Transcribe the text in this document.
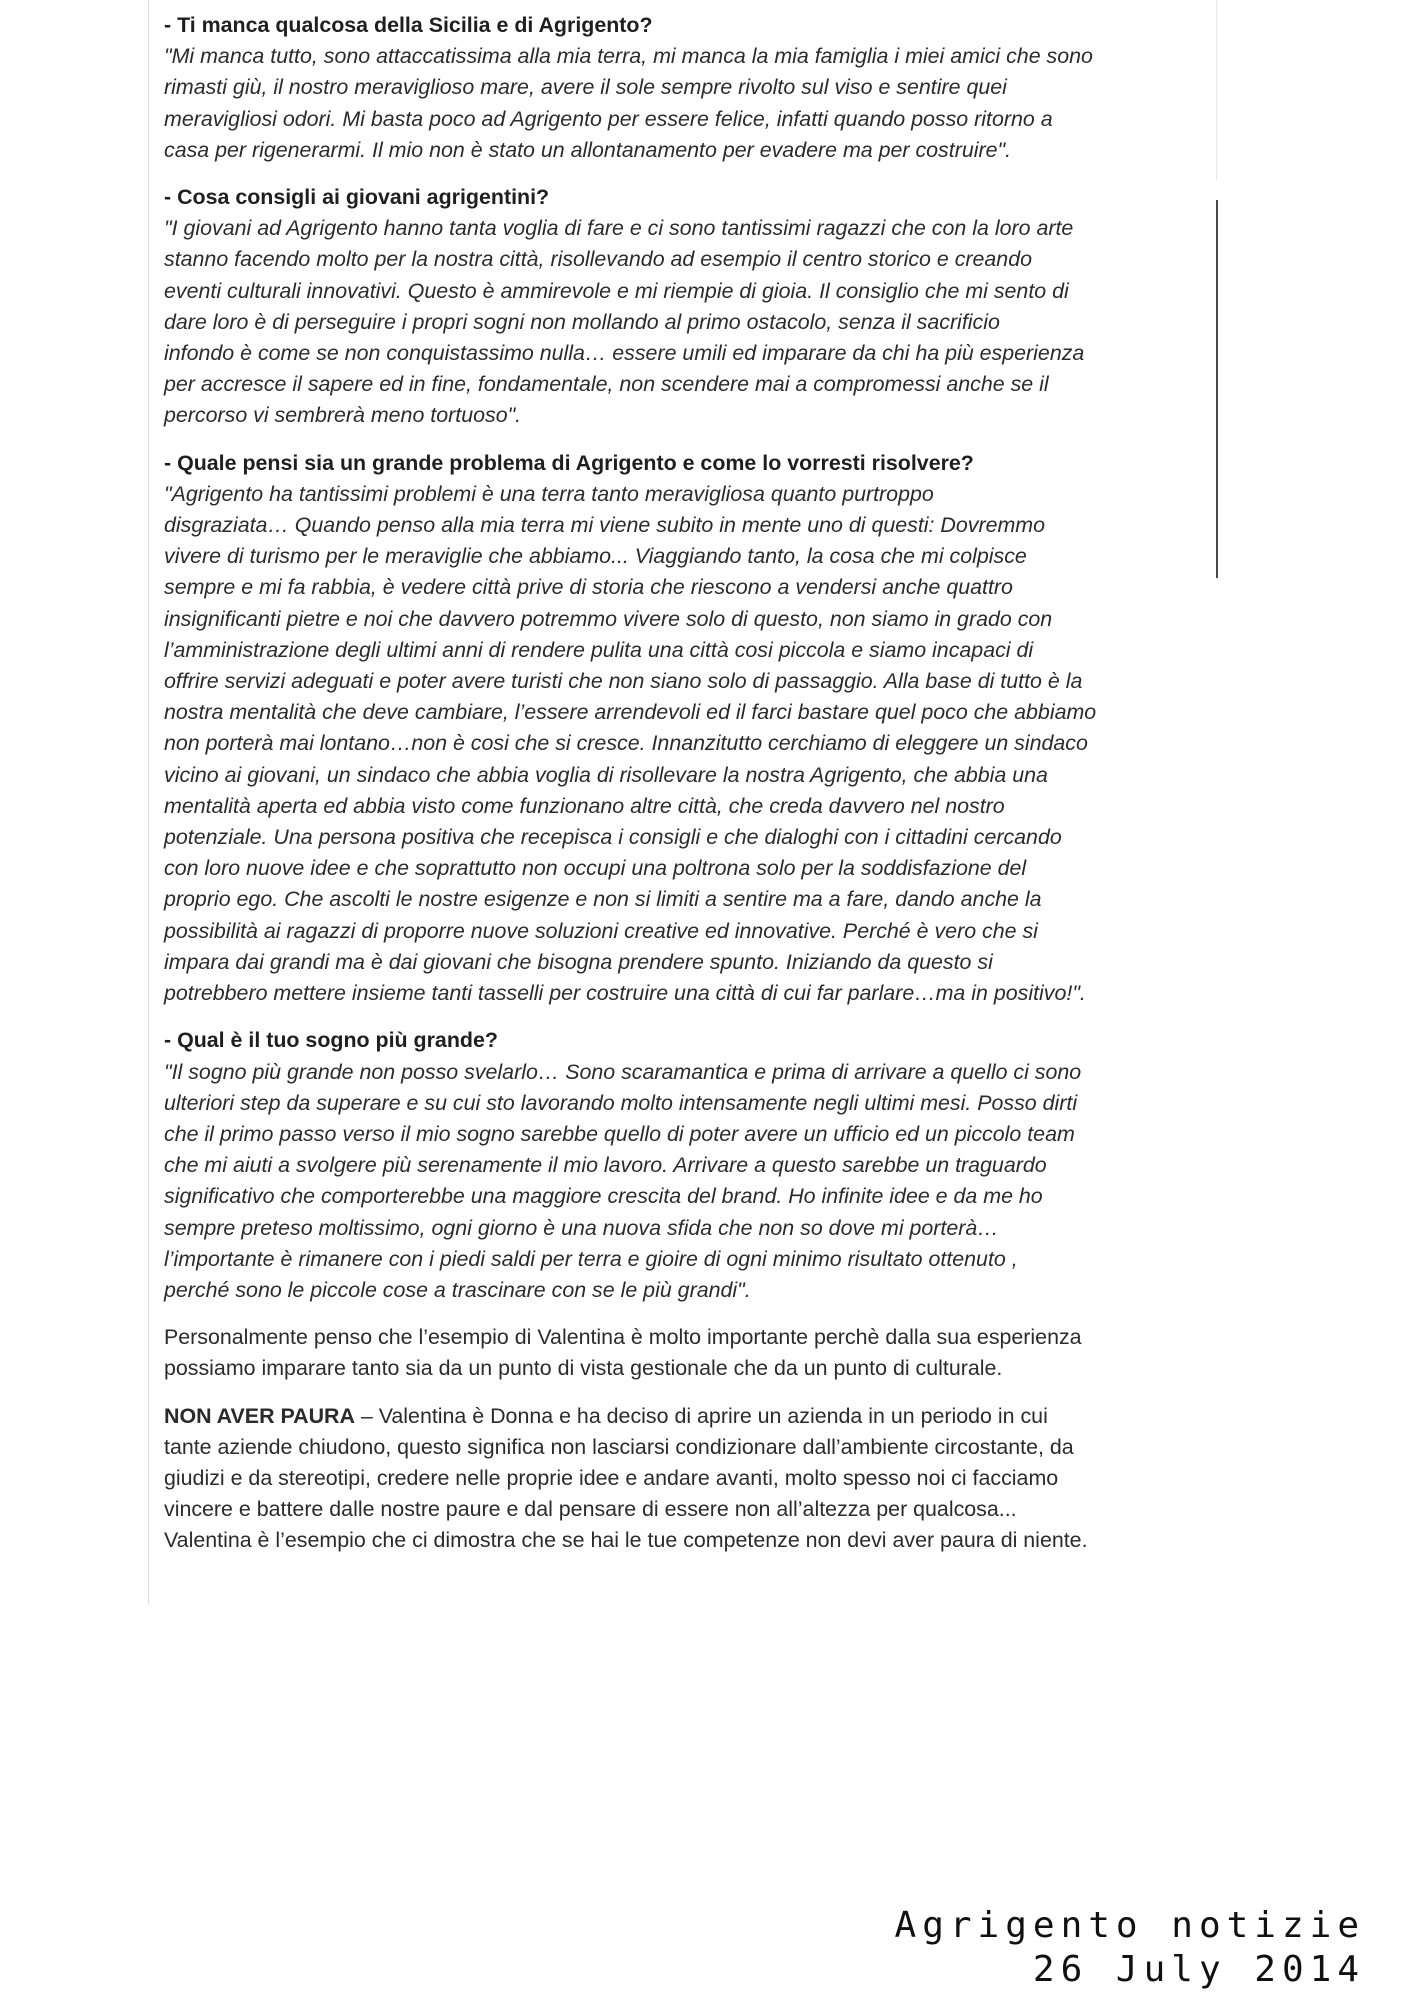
- Ti manca qualcosa della Sicilia e di Agrigento?

"Mi manca tutto, sono attaccatissima alla mia terra, mi manca la mia famiglia i miei amici che sono
rimasti giù, il nostro meraviglioso mare, avere il sole sempre rivolto sul viso e sentire quei
meravigliosi odori. Mi basta poco ad Agrigento per essere felice, infatti quando posso ritorno a
casa per rigenerarmi. Il mio non è stato un allontanamento per evadere ma per costruire".

- Cosa consigli ai giovani agrigentini?

"I giovani ad Agrigento hanno tanta voglia di fare e ci sono tantissimi ragazzi che con la loro arte
stanno facendo molto per la nostra città, risollevando ad esempio il centro storico e creando
eventi culturali innovativi. Questo è ammirevole e mi riempie di gioia. Il consiglio che mi sento di
dare loro è di perseguire i propri sogni non mollando al primo ostacolo, senza il sacrificio
infondo è come se non conquistassimo nulla… essere umili ed imparare da chi ha più esperienza
per accresce il sapere ed in fine, fondamentale, non scendere mai a compromessi anche se il
percorso vi sembrerà meno tortuoso".

- Quale pensi sia un grande problema di Agrigento e come lo vorresti risolvere?

"Agrigento ha tantissimi problemi è una terra tanto meravigliosa quanto purtroppo
disgraziata… Quando penso alla mia terra mi viene subito in mente uno di questi: Dovremmo
vivere di turismo per le meraviglie che abbiamo... Viaggiando tanto, la cosa che mi colpisce
sempre e mi fa rabbia, è vedere città prive di storia che riescono a vendersi anche quattro
insignificanti pietre e noi che davvero potremmo vivere solo di questo, non siamo in grado con
l’amministrazione degli ultimi anni di rendere pulita una città cosi piccola e siamo incapaci di
offrire servizi adeguati e poter avere turisti che non siano solo di passaggio. Alla base di tutto è la
nostra mentalità che deve cambiare, l’essere arrendevoli ed il farci bastare quel poco che abbiamo
non porterà mai lontano…non è cosi che si cresce. Innanzitutto cerchiamo di eleggere un sindaco
vicino ai giovani, un sindaco che abbia voglia di risollevare la nostra Agrigento, che abbia una
mentalità aperta ed abbia visto come funzionano altre città, che creda davvero nel nostro
potenziale. Una persona positiva che recepisca i consigli e che dialoghi con i cittadini cercando
con loro nuove idee e che soprattutto non occupi una poltrona solo per la soddisfazione del
proprio ego. Che ascolti le nostre esigenze e non si limiti a sentire ma a fare, dando anche la
possibilità ai ragazzi di proporre nuove soluzioni creative ed innovative. Perché è vero che si
impara dai grandi ma è dai giovani che bisogna prendere spunto. Iniziando da questo si
potrebbero mettere insieme tanti tasselli per costruire una città di cui far parlare…ma in positivo!".

- Qual è il tuo sogno più grande?

"Il sogno più grande non posso svelarlo… Sono scaramantica e prima di arrivare a quello ci sono
ulteriori step da superare e su cui sto lavorando molto intensamente negli ultimi mesi. Posso dirti
che il primo passo verso il mio sogno sarebbe quello di poter avere un ufficio ed un piccolo team
che mi aiuti a svolgere più serenamente il mio lavoro. Arrivare a questo sarebbe un traguardo
significativo che comporterebbe una maggiore crescita del brand. Ho infinite idee e da me ho
sempre preteso moltissimo, ogni giorno è una nuova sfida che non so dove mi porterà…
l’importante è rimanere con i piedi saldi per terra e gioire di ogni minimo risultato ottenuto ,
perché sono le piccole cose a trascinare con se le più grandi".

Personalmente penso che l’esempio di Valentina è molto importante perchè dalla sua esperienza
possiamo imparare tanto sia da un punto di vista gestionale che da un punto di culturale.

NON AVER PAURA – Valentina è Donna e ha deciso di aprire un azienda in un periodo in cui
tante aziende chiudono, questo significa non lasciarsi condizionare dall’ambiente circostante, da
giudizi e da stereotipi, credere nelle proprie idee e andare avanti, molto spesso noi ci facciamo
vincere e battere dalle nostre paure e dal pensare di essere non all’altezza per qualcosa...
Valentina è l’esempio che ci dimostra che se hai le tue competenze non devi aver paura di niente.

Agrigento notizie
26 July 2014
